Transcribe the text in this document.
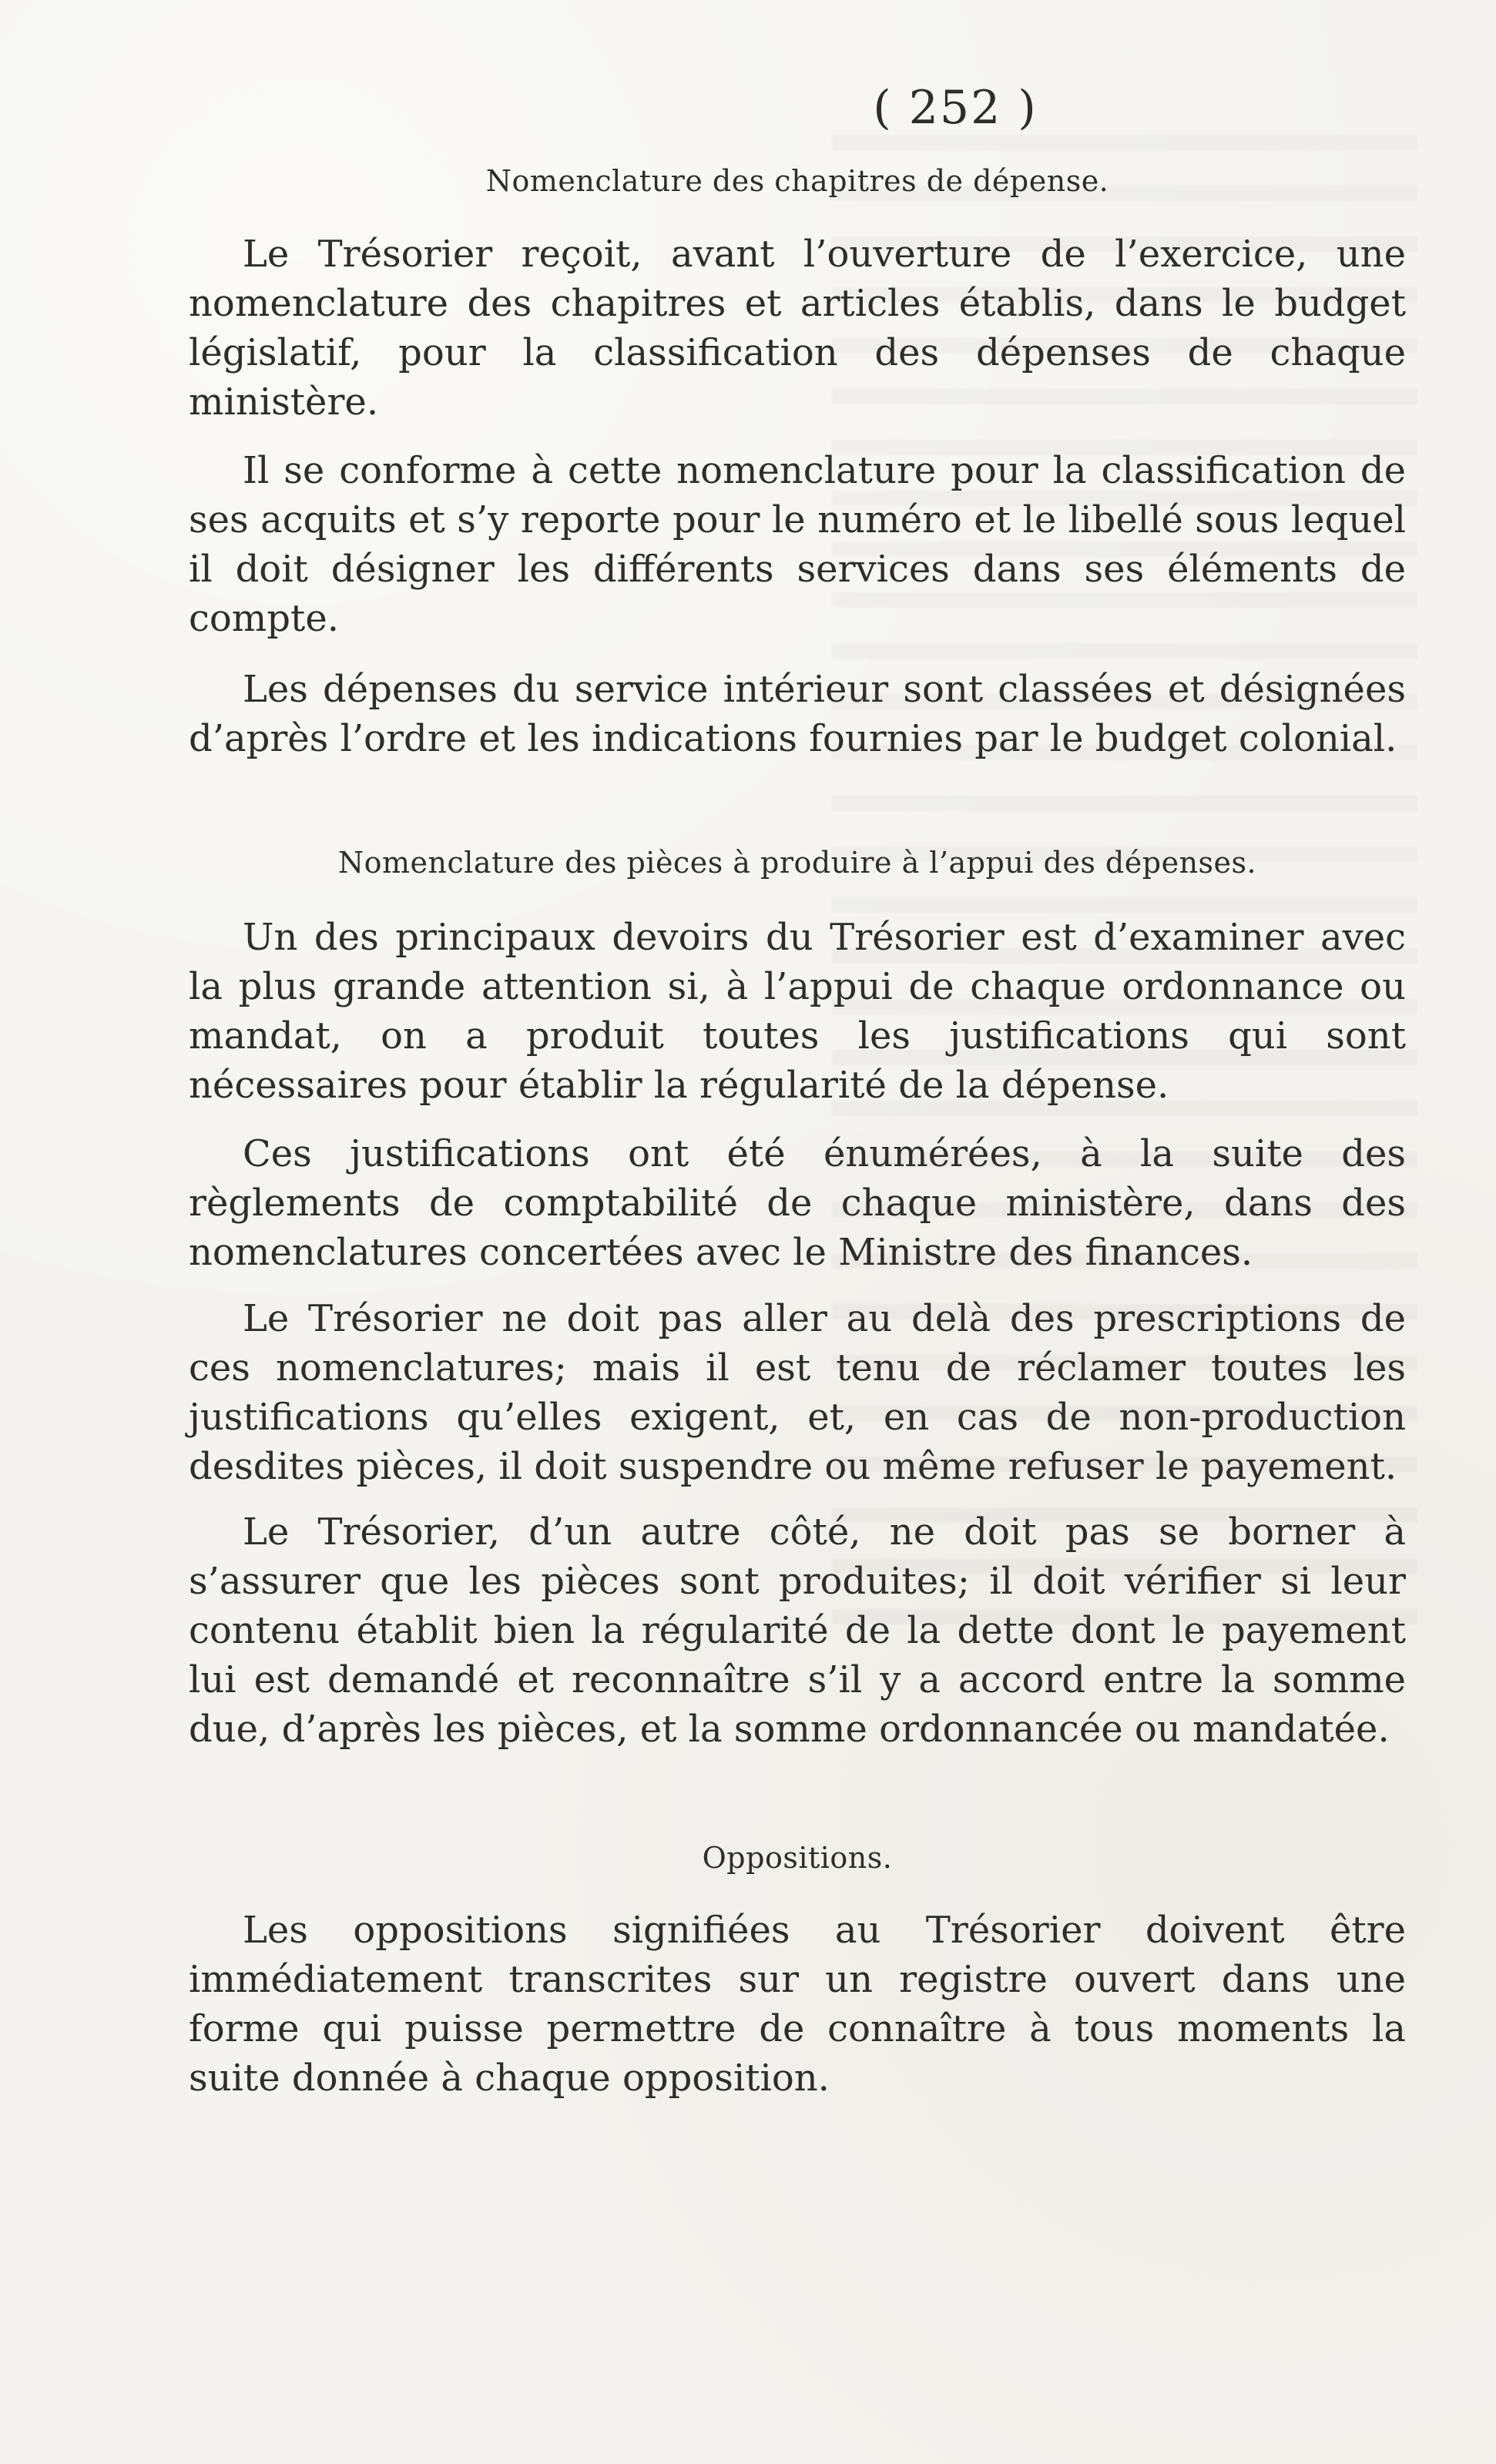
( 252 )
Nomenclature des chapitres de dépense.

Le Trésorier reçoit, avant l’ouverture de l’exercice, une nomenclature des chapitres et articles établis, dans le budget législatif, pour la classification des dépenses de chaque ministère.

Il se conforme à cette nomenclature pour la classification de ses acquits et s’y reporte pour le numéro et le libellé sous lequel il doit désigner les différents services dans ses éléments de compte.

Les dépenses du service intérieur sont classées et désignées d’après l’ordre et les indications fournies par le budget colonial.

Nomenclature des pièces à produire à l’appui des dépenses.

Un des principaux devoirs du Trésorier est d’examiner avec la plus grande attention si, à l’appui de chaque ordonnance ou mandat, on a produit toutes les justifications qui sont nécessaires pour établir la régularité de la dépense.

Ces justifications ont été énumérées, à la suite des règlements de comptabilité de chaque ministère, dans des nomenclatures concertées avec le Ministre des finances.

Le Trésorier ne doit pas aller au delà des prescriptions de ces nomenclatures; mais il est tenu de réclamer toutes les justifications qu’elles exigent, et, en cas de non-production desdites pièces, il doit suspendre ou même refuser le payement.

Le Trésorier, d’un autre côté, ne doit pas se borner à s’assurer que les pièces sont produites; il doit vérifier si leur contenu établit bien la régularité de la dette dont le payement lui est demandé et reconnaître s’il y a accord entre la somme due, d’après les pièces, et la somme ordonnancée ou mandatée.

Oppositions.

Les oppositions signifiées au Trésorier doivent être immédiatement transcrites sur un registre ouvert dans une forme qui puisse permettre de connaître à tous moments la suite donnée à chaque opposition.
